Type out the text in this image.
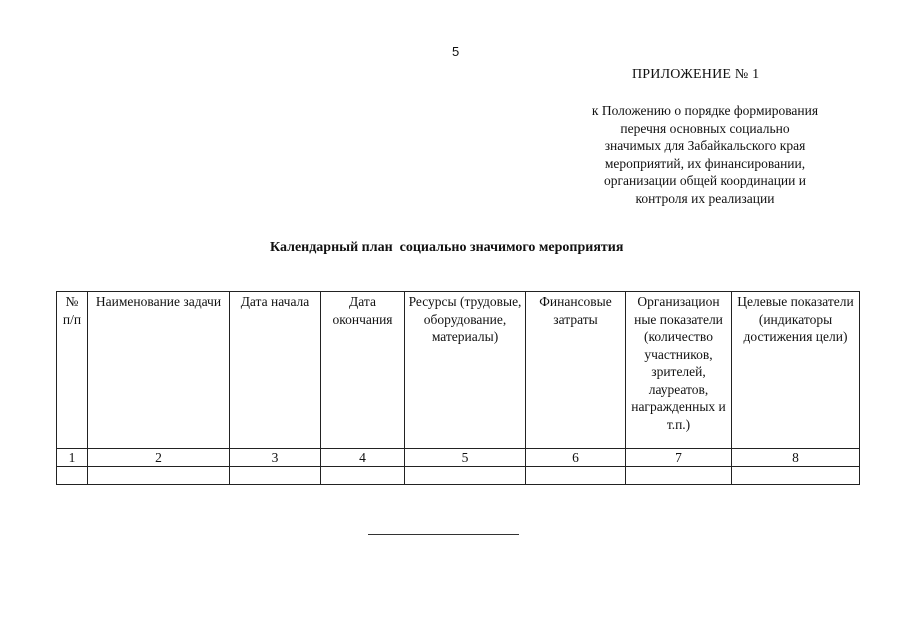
5
ПРИЛОЖЕНИЕ № 1

к Положению о порядке формирования
перечня основных социально
значимых для Забайкальского края
мероприятий, их финансировании,
организации общей координации и
контроля их реализации

Календарный план  социально значимого мероприятия
№ п/п	Наименование задачи	Дата начала	Дата окончания	Ресурсы (трудовые, оборудование, материалы)	Финансовые затраты	Организацион ные показатели (количество участников, зрителей, лауреатов, награжденных и т.п.)	Целевые показатели (индикаторы достижения цели)
1	2	3	4	5	6	7	8
